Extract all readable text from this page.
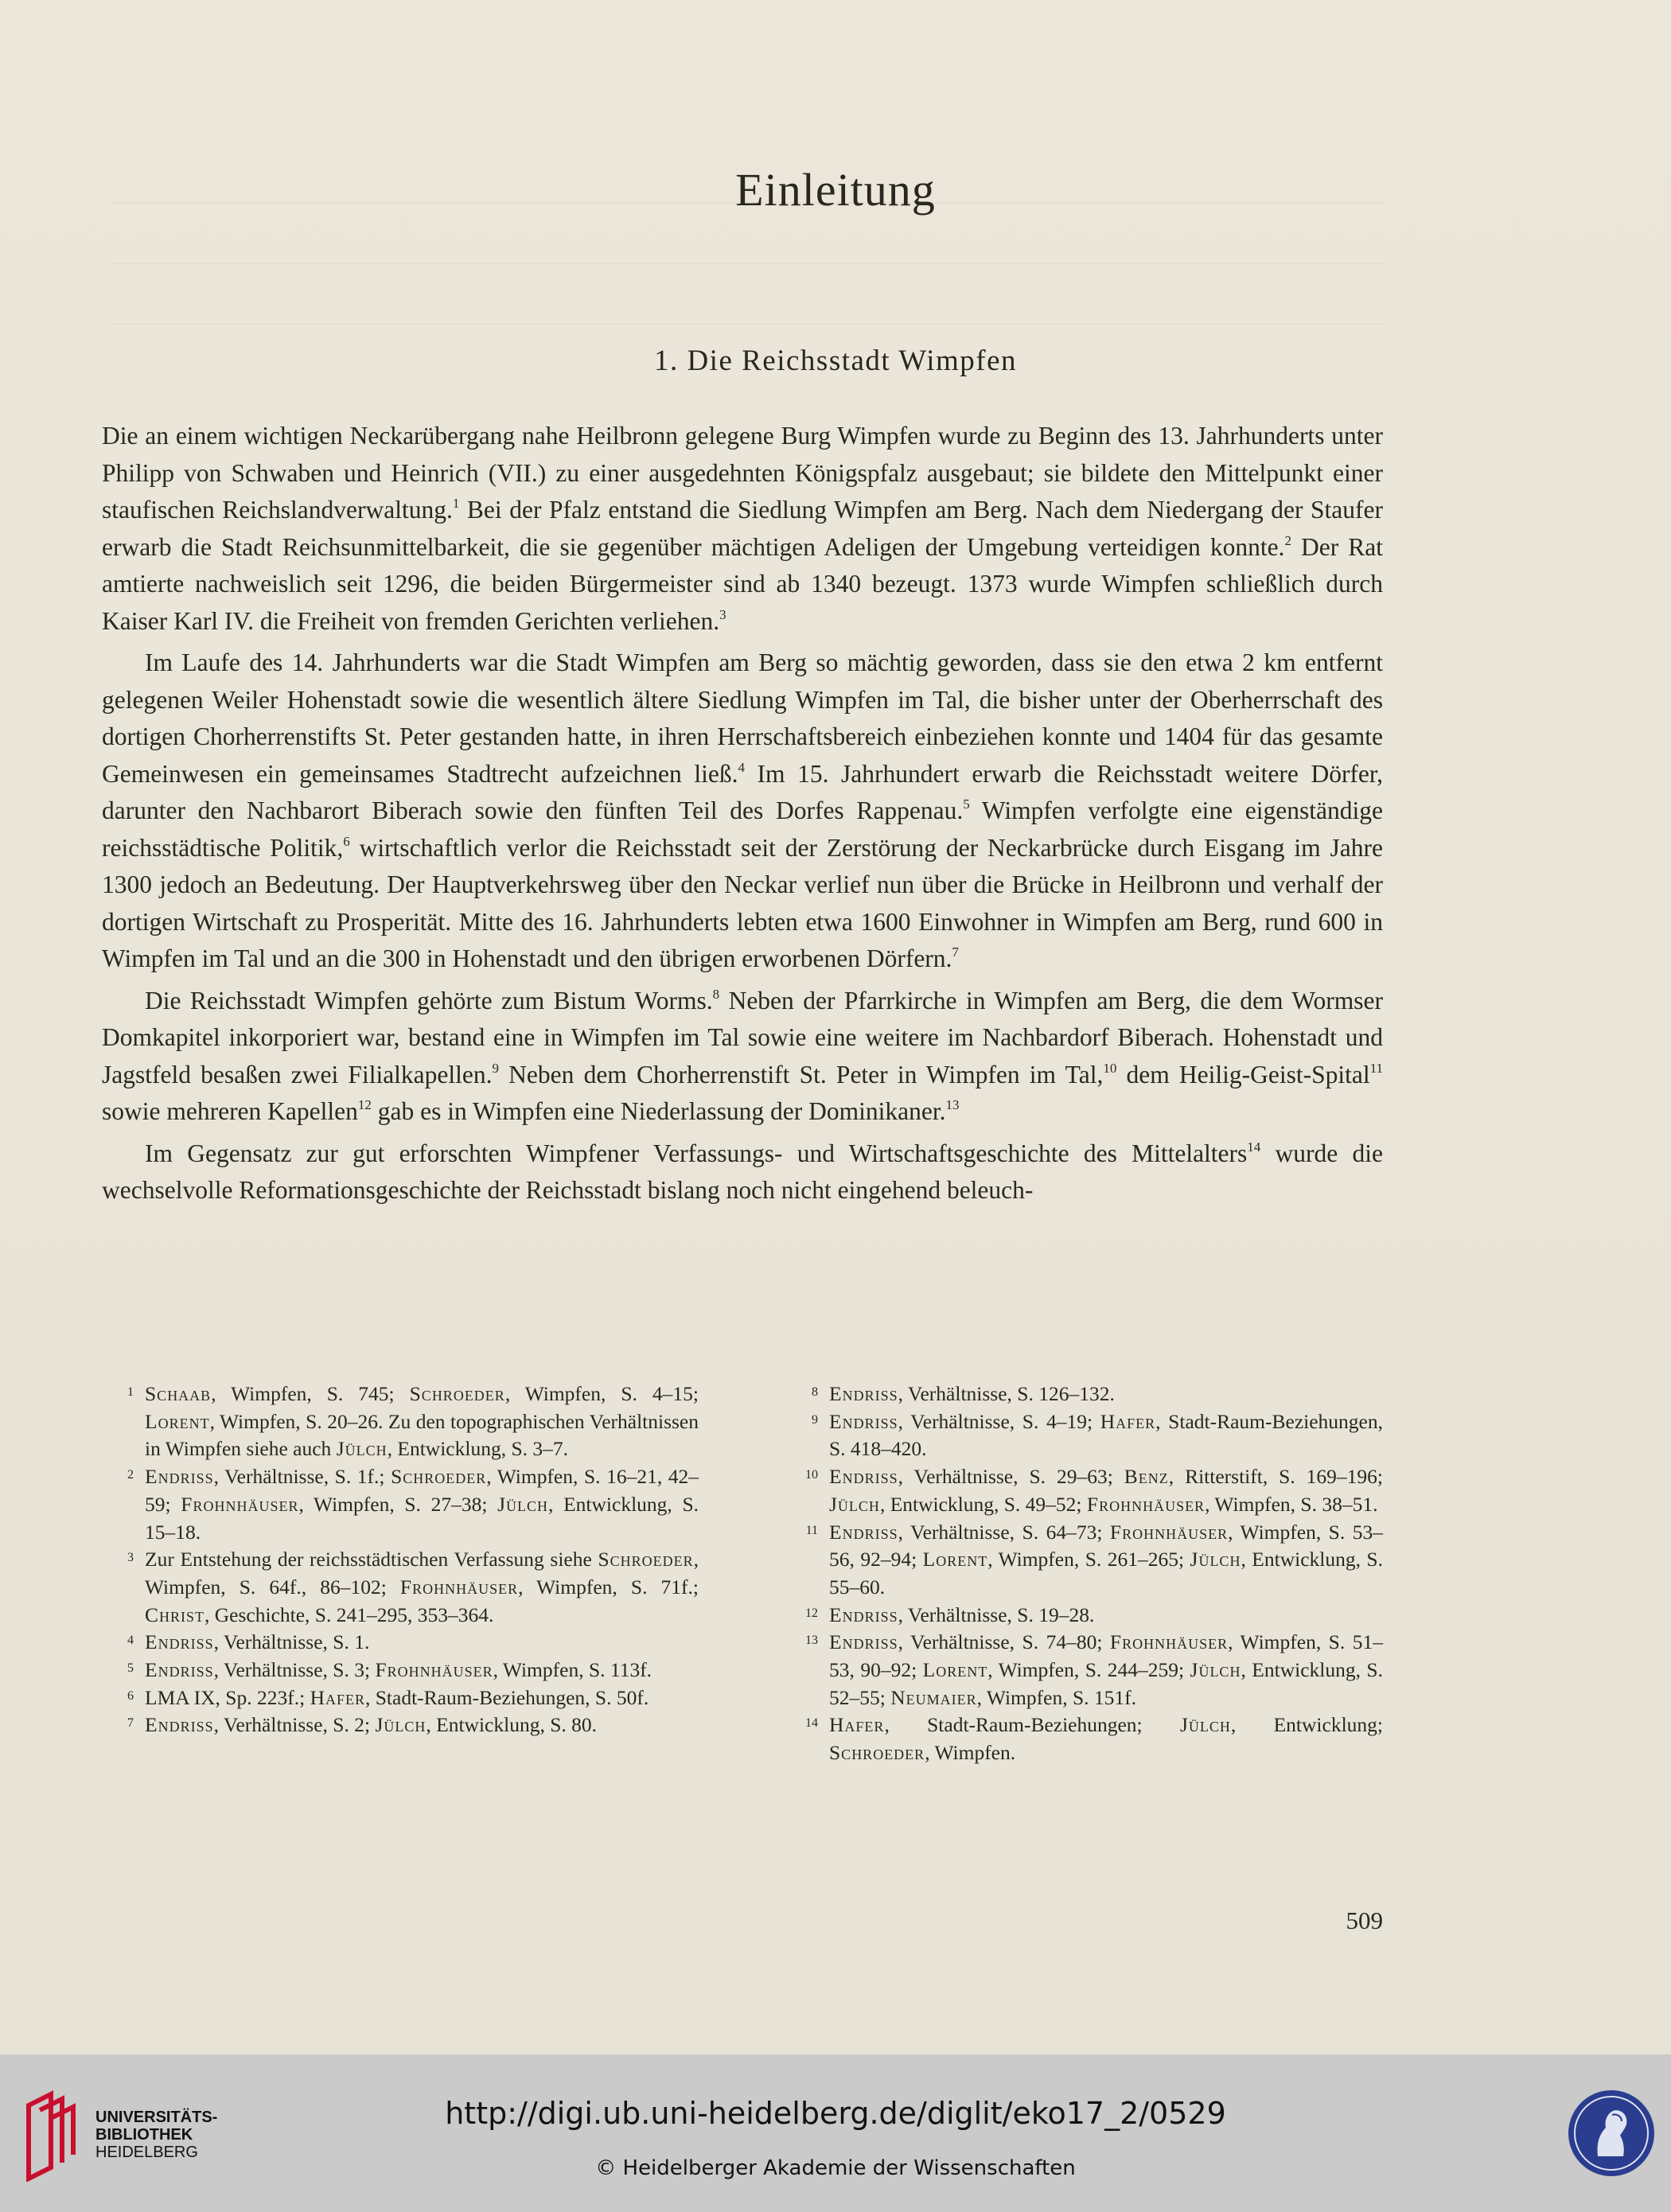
Einleitung
1. Die Reichsstadt Wimpfen

Die an einem wichtigen Neckarübergang nahe Heilbronn gelegene Burg Wimpfen wurde zu Beginn des 13. Jahrhunderts unter Philipp von Schwaben und Heinrich (VII.) zu einer ausgedehnten Königspfalz ausgebaut; sie bildete den Mittelpunkt einer staufischen Reichslandverwaltung.$^1$ Bei der Pfalz entstand die Siedlung Wimpfen am Berg. Nach dem Niedergang der Staufer erwarb die Stadt Reichsunmittelbarkeit, die sie gegenüber mächtigen Adeligen der Umgebung verteidigen konnte.$^2$ Der Rat amtierte nachweislich seit 1296, die beiden Bürgermeister sind ab 1340 bezeugt. 1373 wurde Wimpfen schließlich durch Kaiser Karl IV. die Freiheit von fremden Gerichten verliehen.$^3$

Im Laufe des 14. Jahrhunderts war die Stadt Wimpfen am Berg so mächtig geworden, dass sie den etwa 2 km entfernt gelegenen Weiler Hohenstadt sowie die wesentlich ältere Siedlung Wimpfen im Tal, die bisher unter der Oberherrschaft des dortigen Chorherrenstifts St. Peter gestanden hatte, in ihren Herrschaftsbereich einbeziehen konnte und 1404 für das gesamte Gemeinwesen ein gemeinsames Stadtrecht aufzeichnen ließ.$^4$ Im 15. Jahrhundert erwarb die Reichsstadt weitere Dörfer, darunter den Nachbarort Biberach sowie den fünften Teil des Dorfes Rappenau.$^5$ Wimpfen verfolgte eine eigenständige reichsstädtische Politik,$^6$ wirtschaftlich verlor die Reichsstadt seit der Zerstörung der Neckarbrücke durch Eisgang im Jahre 1300 jedoch an Bedeutung. Der Hauptverkehrsweg über den Neckar verlief nun über die Brücke in Heilbronn und verhalf der dortigen Wirtschaft zu Prosperität. Mitte des 16. Jahrhunderts lebten etwa 1600 Einwohner in Wimpfen am Berg, rund 600 in Wimpfen im Tal und an die 300 in Hohenstadt und den übrigen erworbenen Dörfern.$^7$

Die Reichsstadt Wimpfen gehörte zum Bistum Worms.$^8$ Neben der Pfarrkirche in Wimpfen am Berg, die dem Wormser Domkapitel inkorporiert war, bestand eine in Wimpfen im Tal sowie eine weitere im Nachbardorf Biberach. Hohenstadt und Jagstfeld besaßen zwei Filialkapellen.$^9$ Neben dem Chorherrenstift St. Peter in Wimpfen im Tal,$^{10}$ dem Heilig-Geist-Spital$^{11}$ sowie mehreren Kapellen$^{12}$ gab es in Wimpfen eine Niederlassung der Dominikaner.$^{13}$

Im Gegensatz zur gut erforschten Wimpfener Verfassungs- und Wirtschaftsgeschichte des Mittelalters$^{14}$ wurde die wechselvolle Reformationsgeschichte der Reichsstadt bislang noch nicht eingehend beleuch-

1 Schaab, Wimpfen, S. 745; Schroeder, Wimpfen, S. 4–15; Lorent, Wimpfen, S. 20–26. Zu den topographischen Verhältnissen in Wimpfen siehe auch Jülch, Entwicklung, S. 3–7.

2 Endriss, Verhältnisse, S. 1f.; Schroeder, Wimpfen, S. 16–21, 42–59; Frohnhäuser, Wimpfen, S. 27–38; Jülch, Entwicklung, S. 15–18.

3 Zur Entstehung der reichsstädtischen Verfassung siehe Schroeder, Wimpfen, S. 64f., 86–102; Frohnhäuser, Wimpfen, S. 71f.; Christ, Geschichte, S. 241–295, 353–364.

4 Endriss, Verhältnisse, S. 1.

5 Endriss, Verhältnisse, S. 3; Frohnhäuser, Wimpfen, S. 113f.

6 LMA IX, Sp. 223f.; Hafer, Stadt-Raum-Beziehungen, S. 50f.

7 Endriss, Verhältnisse, S. 2; Jülch, Entwicklung, S. 80.

8 Endriss, Verhältnisse, S. 126–132.

9 Endriss, Verhältnisse, S. 4–19; Hafer, Stadt-Raum-Beziehungen, S. 418–420.

10 Endriss, Verhältnisse, S. 29–63; Benz, Ritterstift, S. 169–196; Jülch, Entwicklung, S. 49–52; Frohnhäuser, Wimpfen, S. 38–51.

11 Endriss, Verhältnisse, S. 64–73; Frohnhäuser, Wimpfen, S. 53–56, 92–94; Lorent, Wimpfen, S. 261–265; Jülch, Entwicklung, S. 55–60.

12 Endriss, Verhältnisse, S. 19–28.

13 Endriss, Verhältnisse, S. 74–80; Frohnhäuser, Wimpfen, S. 51–53, 90–92; Lorent, Wimpfen, S. 244–259; Jülch, Entwicklung, S. 52–55; Neumaier, Wimpfen, S. 151f.

14 Hafer, Stadt-Raum-Beziehungen; Jülch, Entwicklung; Schroeder, Wimpfen.

509
UNIVERSITÄTS-
BIBLIOTHEK
HEIDELBERG
http://digi.ub.uni-heidelberg.de/diglit/eko17_2/0529
© Heidelberger Akademie der Wissenschaften
